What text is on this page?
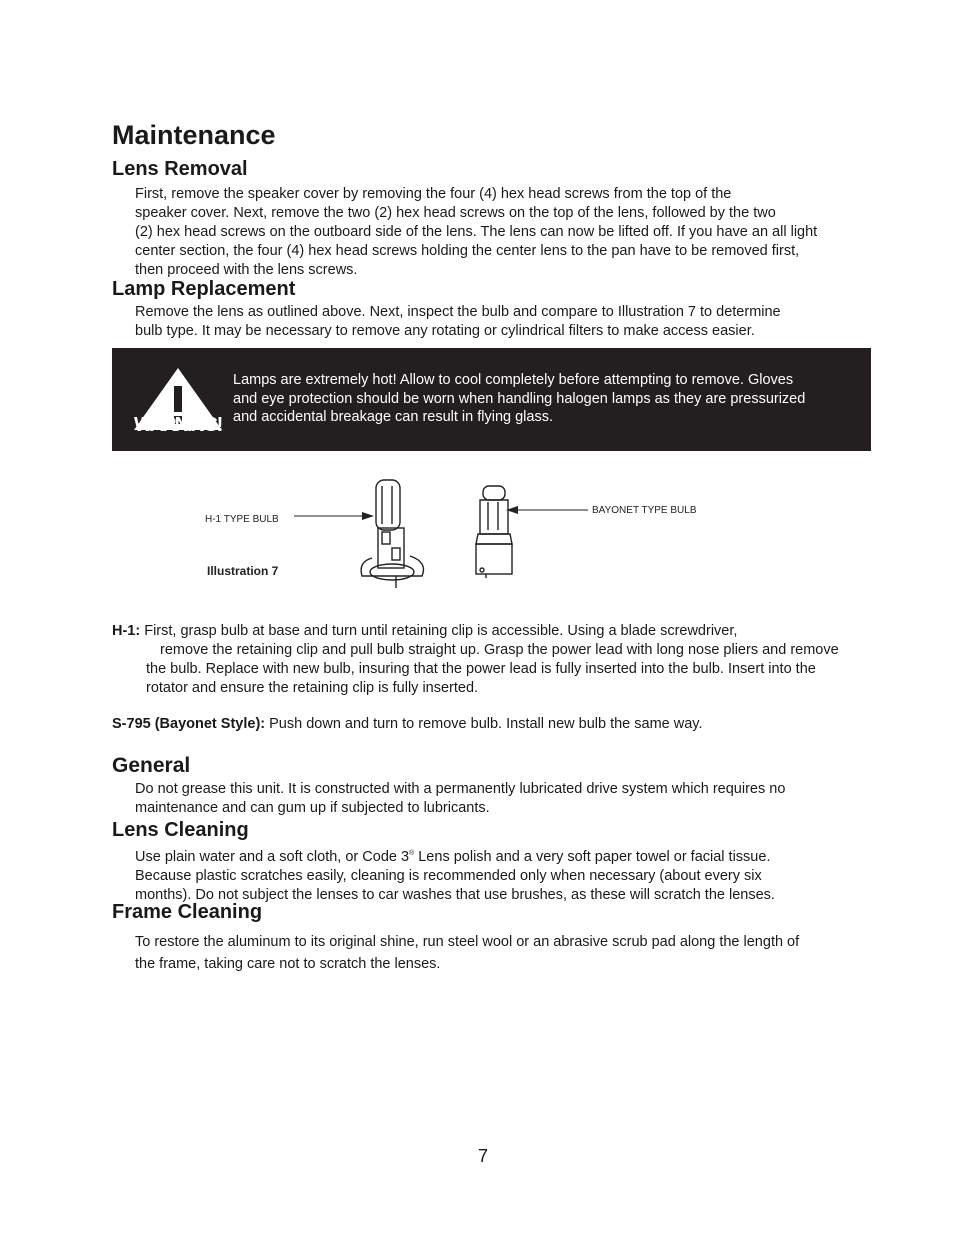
Maintenance
Lens Removal
First, remove the speaker cover by removing the four (4) hex head screws from the top of the
speaker cover. Next, remove the two (2) hex head screws on the top of the lens, followed by the two
(2) hex head screws on the outboard side of the lens. The lens can now be lifted off. If you have an all light
center section, the four (4) hex head screws holding the center lens to the pan have to be removed first,
then proceed with the lens screws.
Lamp Replacement
Remove the lens as outlined above. Next, inspect the bulb and compare to Illustration 7 to determine
bulb type. It may be necessary to remove any rotating or cylindrical filters to make access easier.
WARNING!
Lamps are extremely hot! Allow to cool completely before attempting to remove. Gloves
and eye protection should be worn when handling halogen lamps as they are pressurized
and accidental breakage can result in flying glass.
H-1 TYPE BULB
Illustration 7
BAYONET TYPE BULB
H-1: First, grasp bulb at base and turn until retaining clip is accessible. Using a blade screwdriver,
remove the retaining clip and pull bulb straight up. Grasp the power lead with long nose pliers and remove
the bulb. Replace with new bulb, insuring that the power lead is fully inserted into the bulb. Insert into the
rotator and ensure the retaining clip is fully inserted.
S-795 (Bayonet Style): Push down and turn to remove bulb. Install new bulb the same way.
General
Do not grease this unit. It is constructed with a permanently lubricated drive system which requires no
maintenance and can gum up if subjected to lubricants.
Lens Cleaning
Use plain water and a soft cloth, or Code 3® Lens polish and a very soft paper towel or facial tissue.
Because plastic scratches easily, cleaning is recommended only when necessary (about every six
months). Do not subject the lenses to car washes that use brushes, as these will scratch the lenses.
Frame Cleaning
To restore the aluminum to its original shine, run steel wool or an abrasive scrub pad along the length of
the frame, taking care not to scratch the lenses.
7
